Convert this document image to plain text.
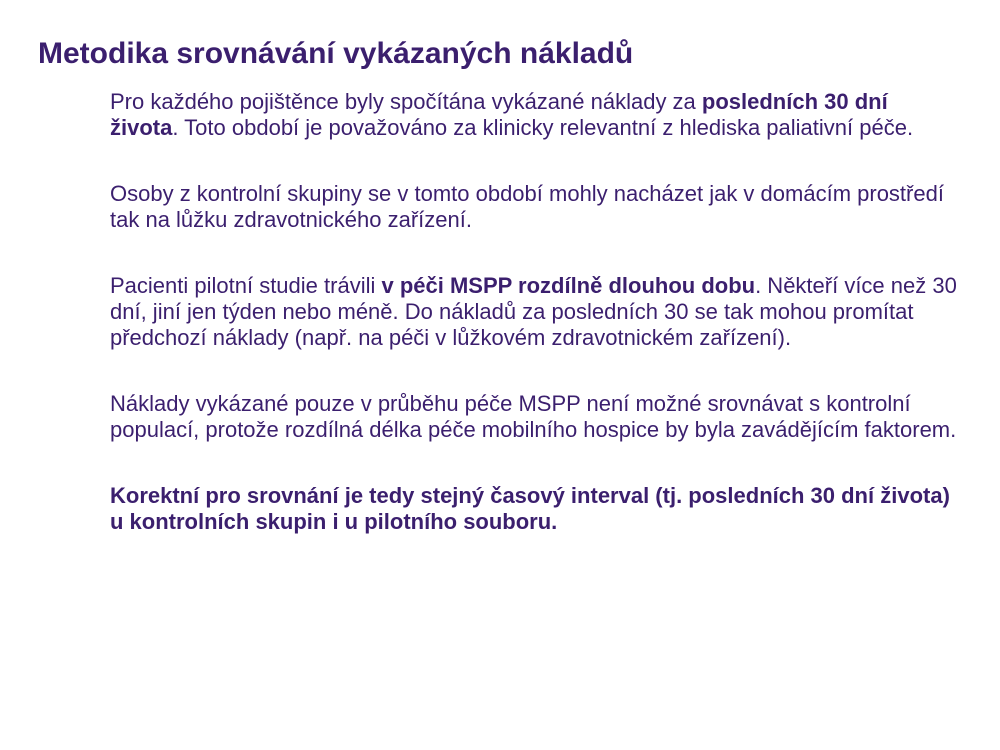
Metodika srovnávání vykázaných nákladů

Pro každého pojištěnce byly spočítána vykázané náklady za posledních 30 dní života. Toto období je považováno za klinicky relevantní z hlediska paliativní péče.

Osoby z kontrolní skupiny se v tomto období mohly nacházet jak v domácím prostředí tak na lůžku zdravotnického zařízení.

Pacienti pilotní studie trávili v péči MSPP rozdílně dlouhou dobu. Někteří více než 30 dní, jiní jen týden nebo méně. Do nákladů za posledních 30 se tak mohou promítat předchozí náklady (např. na péči v lůžkovém zdravotnickém zařízení).

Náklady vykázané pouze v průběhu péče MSPP není možné srovnávat s kontrolní populací, protože rozdílná délka péče mobilního hospice by byla zavádějícím faktorem.

Korektní pro srovnání je tedy stejný časový interval (tj. posledních 30 dní života) u kontrolních skupin i u pilotního souboru.
